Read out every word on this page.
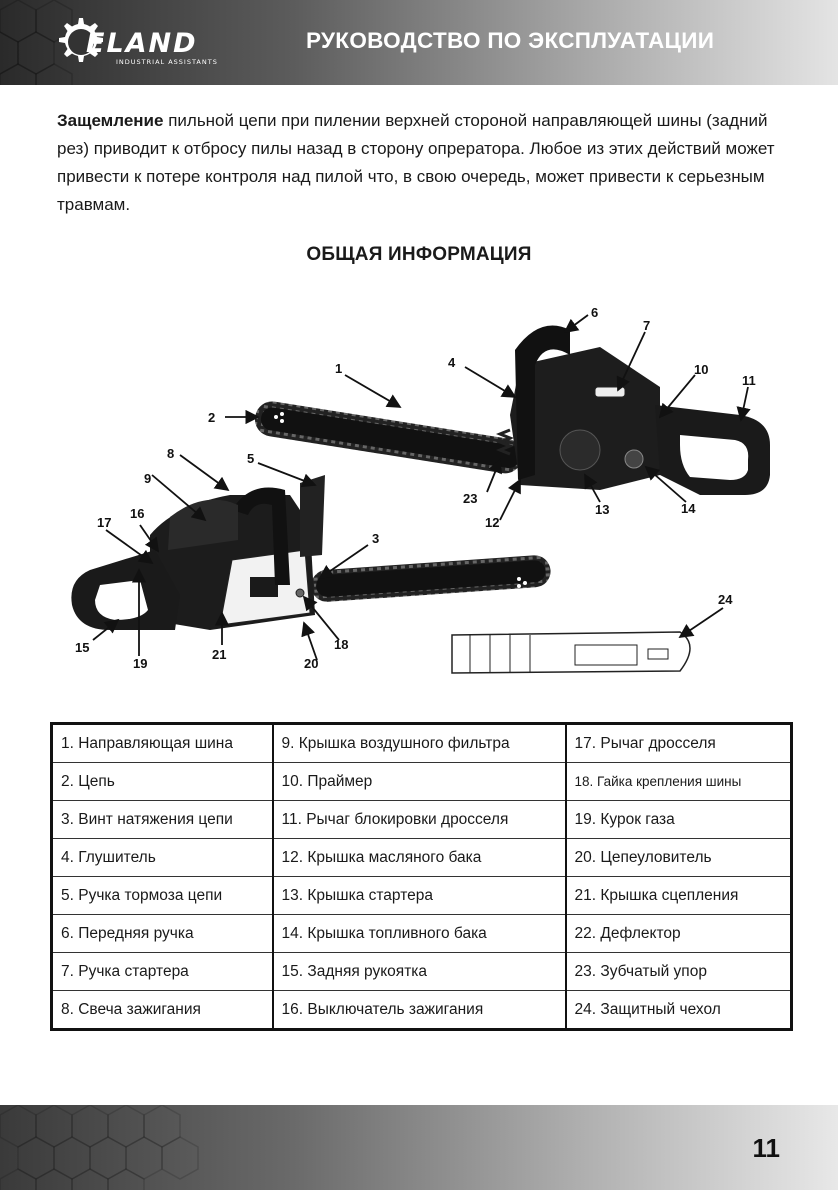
ELAND
INDUSTRIAL ASSISTANTS
РУКОВОДСТВО ПО ЭКСПЛУАТАЦИИ
Защемление пильной цепи при пилении верхней стороной направляющей шины (задний рез) приводит к отбросу пилы назад в сторону опрератора. Любое из этих действий может привести к потере контроля над пилой что, в свою очередь, может привести к серьезным травмам.
ОБЩАЯ ИНФОРМАЦИЯ
1
2
3
4
5
6
7
8
9
10
11
12
13	14
15
16
17
18
19	20
21
23
24
1. Направляющая шина	9. Крышка воздушного фильтра	17. Рычаг дросселя
2. Цепь	10. Праймер	18. Гайка крепления шины
3. Винт натяжения цепи	11. Рычаг блокировки дросселя	19. Курок газа
4. Глушитель	12. Крышка масляного бака	20. Цепеуловитель
5. Ручка тормоза цепи	13. Крышка стартера	21. Крышка сцепления
6. Передняя ручка	14. Крышка топливного бака	22. Дефлектор
7. Ручка стартера	15. Задняя рукоятка	23. Зубчатый упор
8. Свеча зажигания	16. Выключатель зажигания	24. Защитный чехол
11
